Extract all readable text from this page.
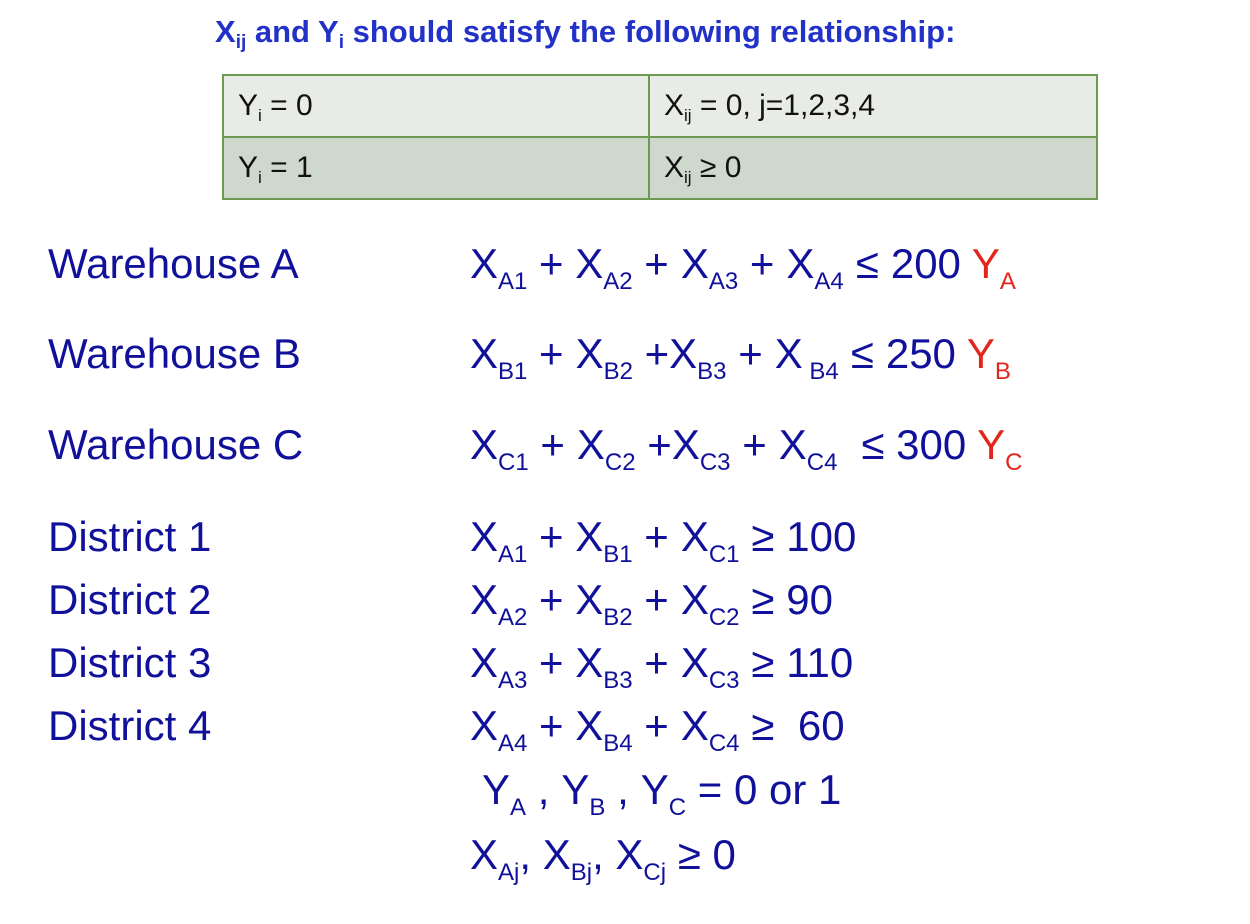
$X_{ij}$ and $Y_i$ should satisfy the following relationship:
$Y_i = 0$	$X_{ij} = 0$, j=1,2,3,4
$Y_i = 1$	$X_{ij} \ge 0$
Warehouse A	$X_{A1} + X_{A2} + X_{A3} + X_{A4} \le 200$ $Y_A$
Warehouse B	$X_{B1} + X_{B2} +X_{B3} + X$ $_{B4}$ ≤ 250 $Y_B$
Warehouse C	$X_{C1} + X_{C2} +X_{C3} + X_{C4} \le 300$ $Y_C$
District 1	$X_{A1} + X_{B1} + X_{C1} \ge 100$
District 2	$X_{A2} + X_{B2} + X_{C2} \ge 90$
District 3	$X_{A3} + X_{B3} + X_{C3} \ge 110$
District 4	$X_{A4} + X_{B4} + X_{C4} \ge 60$
$Y_A$ , $Y_B$ , $Y_C = 0$ or 1
$X_{Aj}$, $X_{Bj}$, $X_{Cj} \ge 0$
